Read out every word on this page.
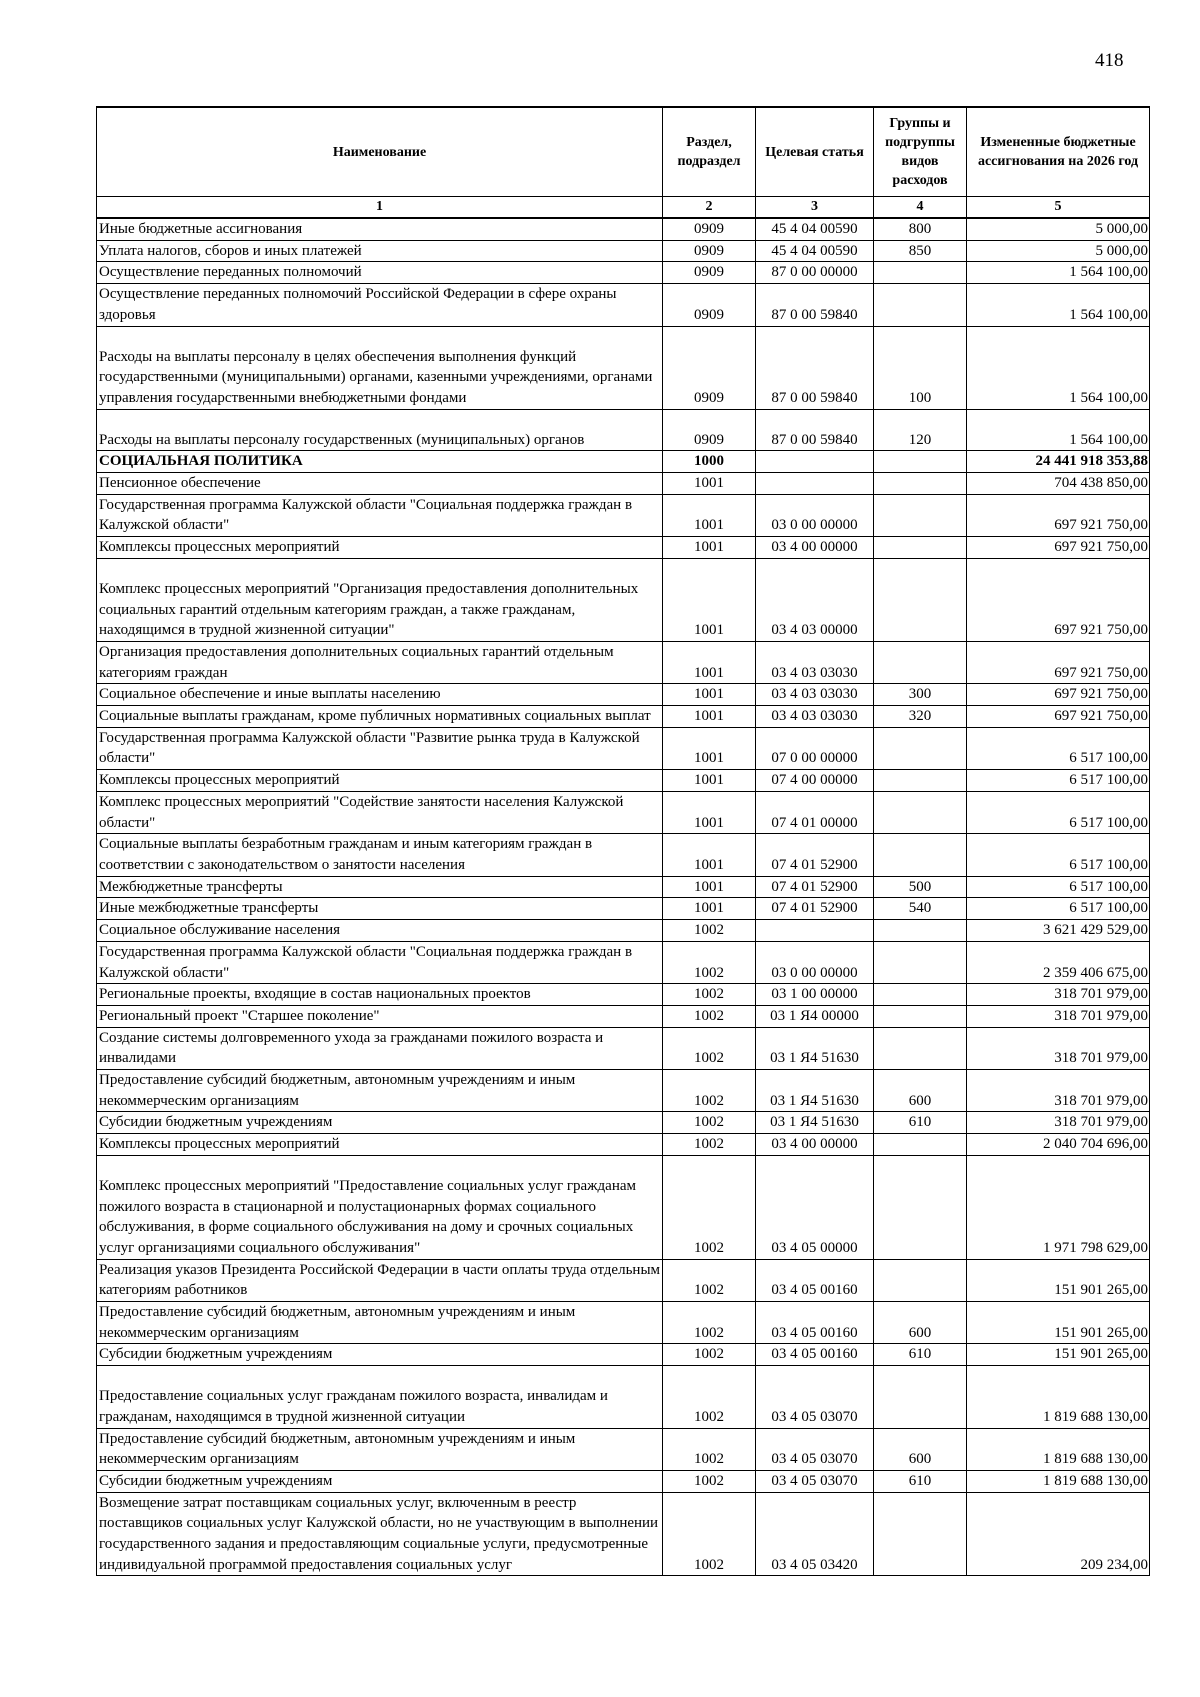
418
Наименование	Раздел, подраздел	Целевая статья	Группы и подгруппы видов расходов	Измененные бюджетные ассигнования на 2026 год
1	2	3	4	5
Иные бюджетные ассигнования	0909	45 4 04 00590	800	5 000,00
Уплата налогов, сборов и иных платежей	0909	45 4 04 00590	850	5 000,00
Осуществление переданных полномочий	0909	87 0 00 00000		1 564 100,00
Осуществление переданных полномочий Российской Федерации в сфере охраны здоровья	0909	87 0 00 59840		1 564 100,00
Расходы на выплаты персоналу в целях обеспечения выполнения функций государственными (муниципальными) органами, казенными учреждениями, органами управления государственными внебюджетными фондами	0909	87 0 00 59840	100	1 564 100,00
Расходы на выплаты персоналу государственных (муниципальных) органов	0909	87 0 00 59840	120	1 564 100,00
СОЦИАЛЬНАЯ ПОЛИТИКА	1000			24 441 918 353,88
Пенсионное обеспечение	1001			704 438 850,00
Государственная программа Калужской области "Социальная поддержка граждан в Калужской области"	1001	03 0 00 00000		697 921 750,00
Комплексы процессных мероприятий	1001	03 4 00 00000		697 921 750,00
Комплекс процессных мероприятий "Организация предоставления дополнительных социальных гарантий отдельным категориям граждан, а также гражданам, находящимся в трудной жизненной ситуации"	1001	03 4 03 00000		697 921 750,00
Организация предоставления дополнительных социальных гарантий отдельным категориям граждан	1001	03 4 03 03030		697 921 750,00
Социальное обеспечение и иные выплаты населению	1001	03 4 03 03030	300	697 921 750,00
Социальные выплаты гражданам, кроме публичных нормативных социальных выплат	1001	03 4 03 03030	320	697 921 750,00
Государственная программа Калужской области "Развитие рынка труда в Калужской области"	1001	07 0 00 00000		6 517 100,00
Комплексы процессных мероприятий	1001	07 4 00 00000		6 517 100,00
Комплекс процессных мероприятий "Содействие занятости населения Калужской области"	1001	07 4 01 00000		6 517 100,00
Социальные выплаты безработным гражданам и иным категориям граждан в соответствии с законодательством о занятости населения	1001	07 4 01 52900		6 517 100,00
Межбюджетные трансферты	1001	07 4 01 52900	500	6 517 100,00
Иные межбюджетные трансферты	1001	07 4 01 52900	540	6 517 100,00
Социальное обслуживание населения	1002			3 621 429 529,00
Государственная программа Калужской области "Социальная поддержка граждан в Калужской области"	1002	03 0 00 00000		2 359 406 675,00
Региональные проекты, входящие в состав национальных проектов	1002	03 1 00 00000		318 701 979,00
Региональный проект "Старшее поколение"	1002	03 1 Я4 00000		318 701 979,00
Создание системы долговременного ухода за гражданами пожилого возраста и инвалидами	1002	03 1 Я4 51630		318 701 979,00
Предоставление субсидий бюджетным, автономным учреждениям и иным некоммерческим организациям	1002	03 1 Я4 51630	600	318 701 979,00
Субсидии бюджетным учреждениям	1002	03 1 Я4 51630	610	318 701 979,00
Комплексы процессных мероприятий	1002	03 4 00 00000		2 040 704 696,00
Комплекс процессных мероприятий "Предоставление социальных услуг гражданам пожилого возраста в стационарной и полустационарных формах социального обслуживания, в форме социального обслуживания на дому и срочных социальных услуг организациями социального обслуживания"	1002	03 4 05 00000		1 971 798 629,00
Реализация указов Президента Российской Федерации в части оплаты труда отдельным категориям работников	1002	03 4 05 00160		151 901 265,00
Предоставление субсидий бюджетным, автономным учреждениям и иным некоммерческим организациям	1002	03 4 05 00160	600	151 901 265,00
Субсидии бюджетным учреждениям	1002	03 4 05 00160	610	151 901 265,00
Предоставление социальных услуг гражданам пожилого возраста, инвалидам и гражданам, находящимся в трудной жизненной ситуации	1002	03 4 05 03070		1 819 688 130,00
Предоставление субсидий бюджетным, автономным учреждениям и иным некоммерческим организациям	1002	03 4 05 03070	600	1 819 688 130,00
Субсидии бюджетным учреждениям	1002	03 4 05 03070	610	1 819 688 130,00
Возмещение затрат поставщикам социальных услуг, включенным в реестр поставщиков социальных услуг Калужской области, но не участвующим в выполнении государственного задания и предоставляющим социальные услуги, предусмотренные индивидуальной программой предоставления социальных услуг	1002	03 4 05 03420		209 234,00
